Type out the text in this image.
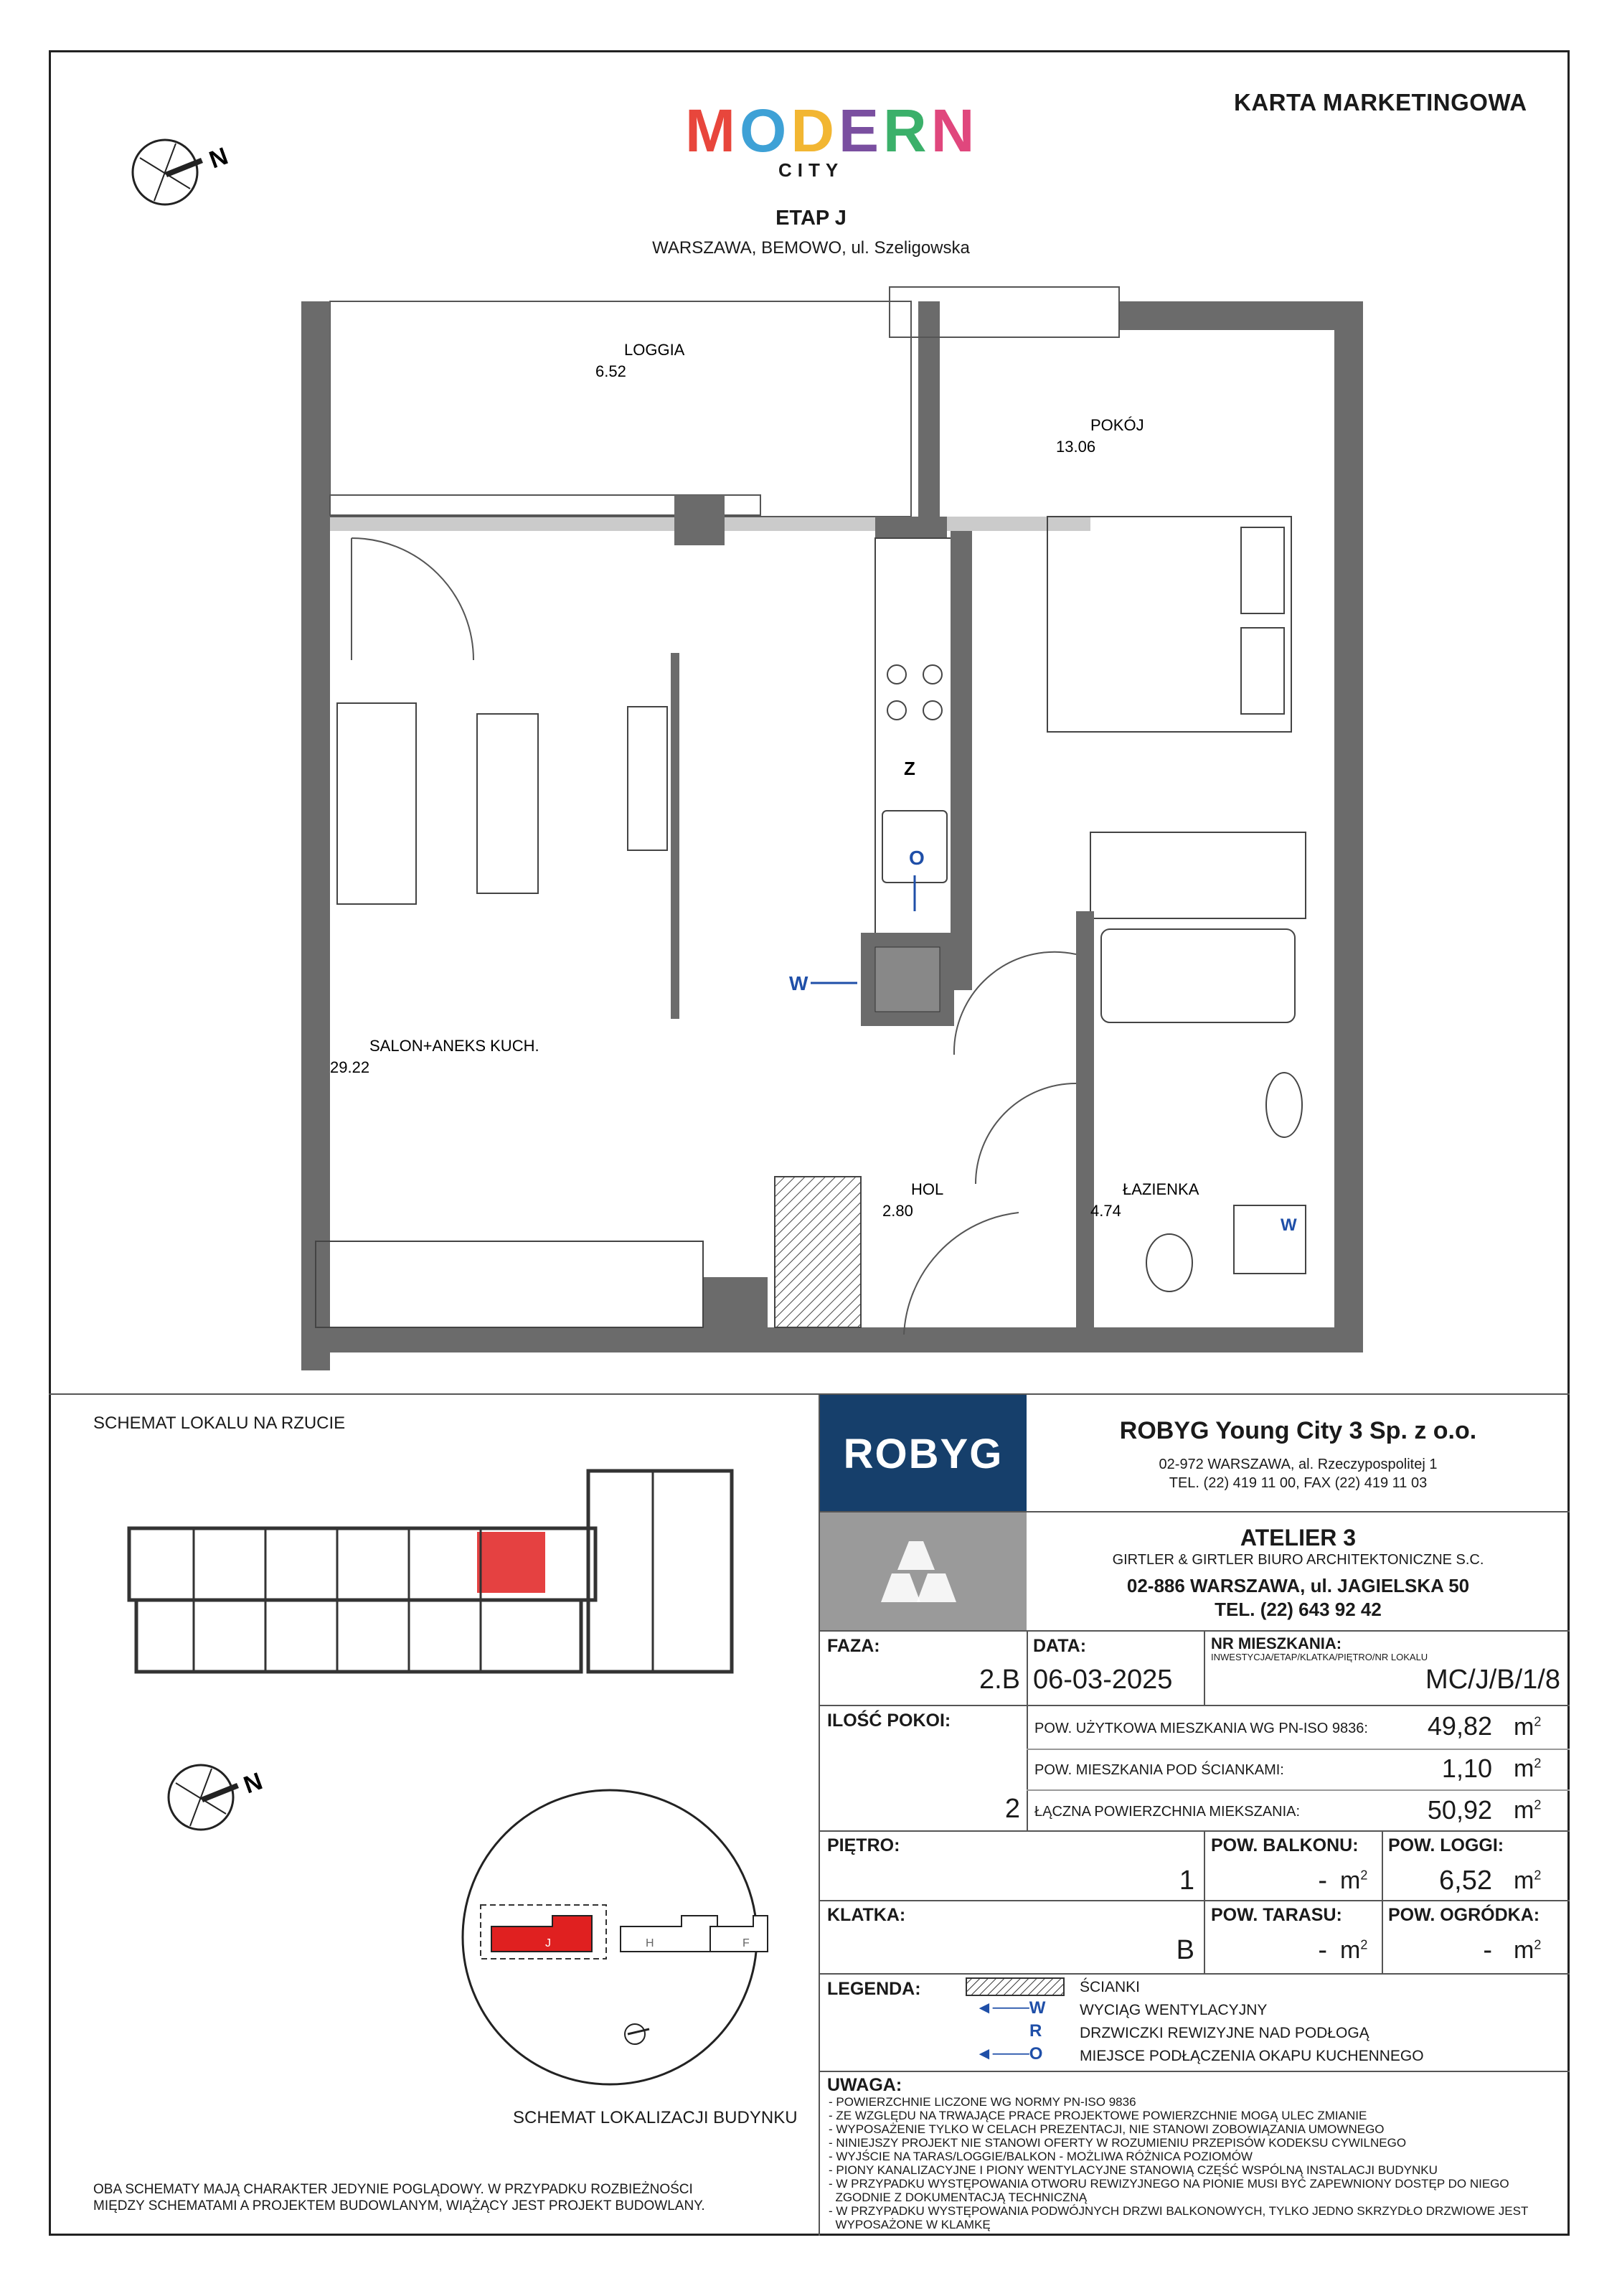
KARTA MARKETINGOWA
MODERN
CITY
ETAP J
WARSZAWA, BEMOWO, ul. Szeligowska
N
Z
O
W
W
LOGGIA
6.52
POKÓJ
13.06
SALON+ANEKS KUCH.
29.22
HOL
2.80
ŁAZIENKA
4.74
SCHEMAT LOKALU NA RZUCIE
N
J	H	F
SCHEMAT LOKALIZACJI BUDYNKU
OBA SCHEMATY MAJĄ CHARAKTER JEDYNIE POGLĄDOWY. W PRZYPADKU ROZBIEŻNOŚCI MIĘDZY SCHEMATAMI A PROJEKTEM BUDOWLANYM, WIĄŻĄCY JEST PROJEKT BUDOWLANY.
ROBYG	ROBYG Young City 3 Sp. z o.o.
02-972 WARSZAWA, al. Rzeczypospolitej 1
TEL. (22) 419 11 00, FAX (22) 419 11 03
ATELIER 3
GIRTLER & GIRTLER BIURO ARCHITEKTONICZNE S.C.
02-886 WARSZAWA, ul. JAGIELSKA 50
TEL. (22) 643 92 42
FAZA:
2.B
DATA:
06-03-2025
NR MIESZKANIA:
INWESTYCJA/ETAP/KLATKA/PIĘTRO/NR LOKALU
MC/J/B/1/8
ILOŚĆ POKOI:
2
POW. UŻYTKOWA MIESZKANIA WG PN-ISO 9836:	49,82 $m^2$
POW. MIESZKANIA POD ŚCIANKAMI:	1,10 $m^2$
ŁĄCZNA POWIERZCHNIA MIEKSZANIA:	50,92 $m^2$
PIĘTRO:
1
POW. BALKONU:
- $m^2$
POW. LOGGI:
6,52 $m^2$
KLATKA:
B
POW. TARASU:
- $m^2$
POW. OGRÓDKA:
- $m^2$
LEGENDA:	ŚCIANKI
◄───W WYCIĄG WENTYLACYJNY
R	DRZWICZKI REWIZYJNE NAD PODŁOGĄ
◄───O MIEJSCE PODŁĄCZENIA OKAPU KUCHENNEGO
UWAGA:
- POWIERZCHNIE LICZONE WG NORMY PN-ISO 9836
- ZE WZGLĘDU NA TRWAJĄCE PRACE PROJEKTOWE POWIERZCHNIE MOGĄ ULEC ZMIANIE
- WYPOSAŻENIE TYLKO W CELACH PREZENTACJI, NIE STANOWI ZOBOWIĄZANIA UMOWNEGO
- NINIEJSZY PROJEKT NIE STANOWI OFERTY W ROZUMIENIU PRZEPISÓW KODEKSU CYWILNEGO
- WYJŚCIE NA TARAS/LOGGIE/BALKON - MOŻLIWA RÓŻNICA POZIOMÓW
- PIONY KANALIZACYJNE I PIONY WENTYLACYJNE STANOWIĄ CZĘŚĆ WSPÓLNĄ INSTALACJI BUDYNKU
- W PRZYPADKU WYSTĘPOWANIA OTWORU REWIZYJNEGO NA PIONIE MUSI BYĆ ZAPEWNIONY DOSTĘP DO NIEGO
ZGODNIE Z DOKUMENTACJĄ TECHNICZNĄ
- W PRZYPADKU WYSTĘPOWANIA PODWÓJNYCH DRZWI BALKONOWYCH, TYLKO JEDNO SKRZYDŁO DRZWIOWE JEST
WYPOSAŻONE W KLAMKĘ
